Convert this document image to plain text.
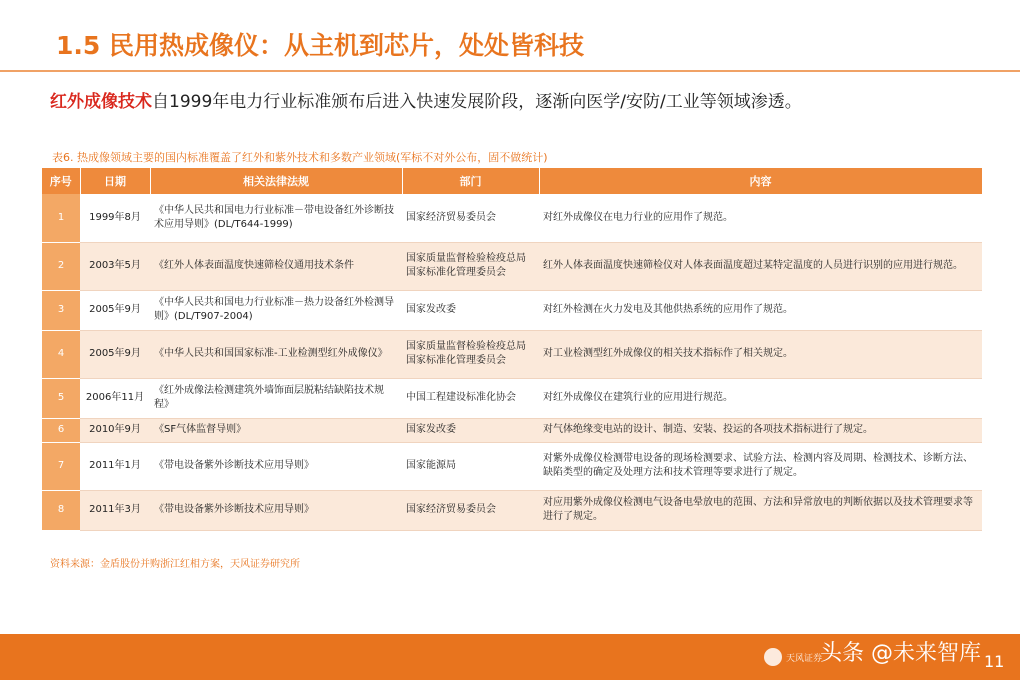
1.5 民用热成像仪：从主机到芯片，处处皆科技
红外成像技术自1999年电力行业标准颁布后进入快速发展阶段，逐渐向医学/安防/工业等领域渗透。
表6. 热成像领域主要的国内标准覆盖了红外和紫外技术和多数产业领域(军标不对外公布，固不做统计)
序号	日期	相关法律法规	部门	内容
1	1999年8月	《中华人民共和国电力行业标准－带电设备红外诊断技术应用导则》(DL/T644-1999)	国家经济贸易委员会	对红外成像仪在电力行业的应用作了规范。
2	2003年5月	《红外人体表面温度快速筛检仪通用技术条件	国家质量监督检验检疫总局国家标准化管理委员会	红外人体表面温度快速筛检仪对人体表面温度超过某特定温度的人员进行识别的应用进行规范。
3	2005年9月	《中华人民共和国电力行业标准－热力设备红外检测导则》(DL/T907-2004)	国家发改委	对红外检测在火力发电及其他供热系统的应用作了规范。
4	2005年9月	《中华人民共和国国家标准-工业检测型红外成像仪》	国家质量监督检验检疫总局国家标准化管理委员会	对工业检测型红外成像仪的相关技术指标作了相关规定。
5	2006年11月	《红外成像法检测建筑外墙饰面层脱粘结缺陷技术规程》	中国工程建设标准化协会	对红外成像仪在建筑行业的应用进行规范。
6	2010年9月	《SF气体监督导则》	国家发改委	对气体绝缘变电站的设计、制造、安装、投运的各项技术指标进行了规定。
7	2011年1月	《带电设备紫外诊断技术应用导则》	国家能源局	对紫外成像仪检测带电设备的现场检测要求、试验方法、检测内容及周期、检测技术、诊断方法、缺陷类型的确定及处理方法和技术管理等要求进行了规定。
8	2011年3月	《带电设备紫外诊断技术应用导则》	国家经济贸易委员会	对应用紫外成像仪检测电气设备电晕放电的范围、方法和异常放电的判断依据以及技术管理要求等进行了规定。
资料来源：金盾股份并购浙江红相方案，天风证券研究所
天风证券
头条 @未来智库 11
